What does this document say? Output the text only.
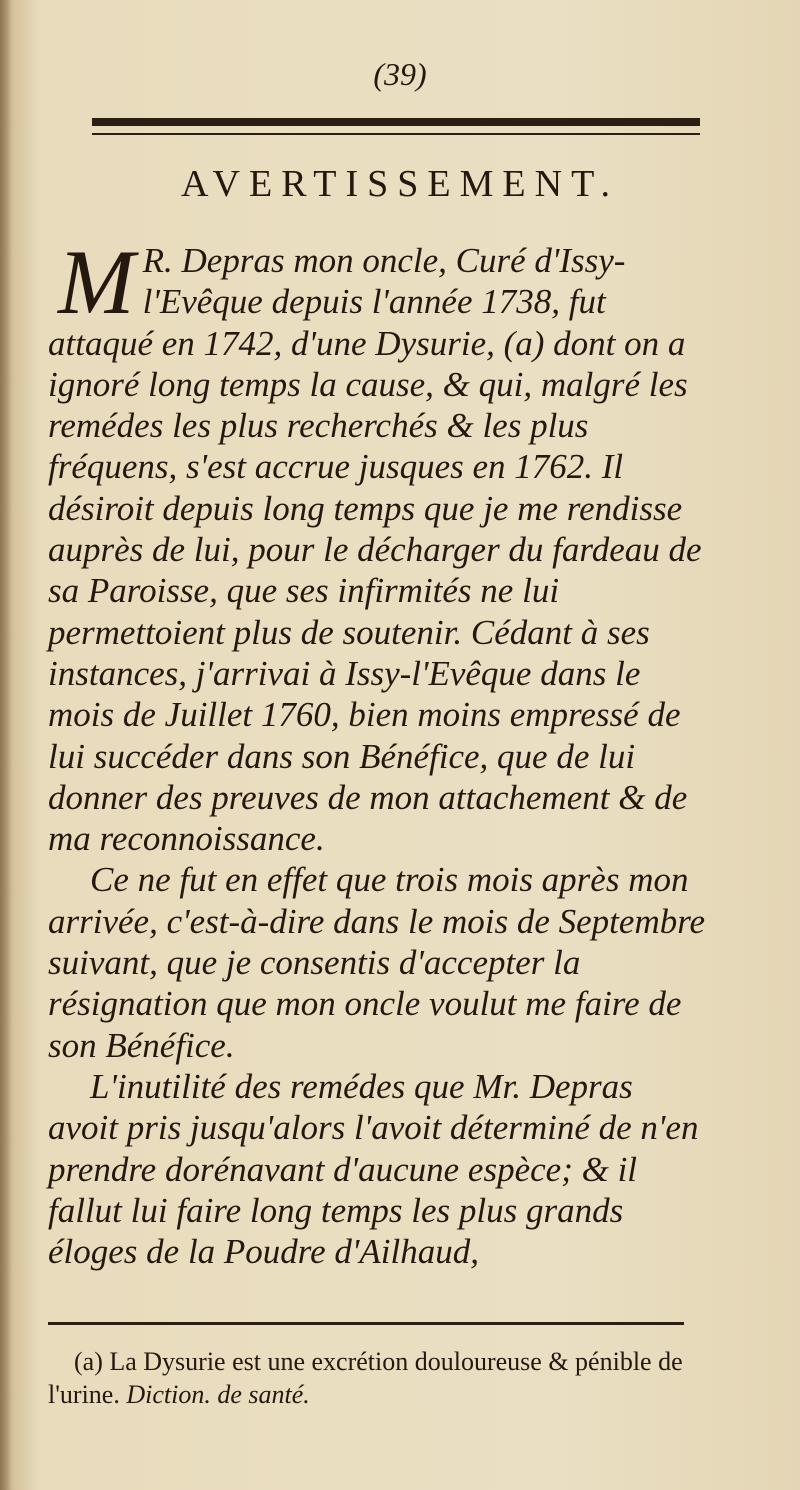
(39)
AVERTISSEMENT.

M R. Depras mon oncle, Curé d'Issy-l'Evêque depuis l'année 1738, fut attaqué en 1742, d'une Dysurie, (a) dont on a ignoré long temps la cause, & qui, malgré les remédes les plus recherchés & les plus fréquens, s'est accrue jusques en 1762. Il désiroit depuis long temps que je me rendisse auprès de lui, pour le décharger du fardeau de sa Paroisse, que ses infirmités ne lui permettoient plus de soutenir. Cédant à ses instances, j'arrivai à Issy-l'Evêque dans le mois de Juillet 1760, bien moins empressé de lui succéder dans son Bénéfice, que de lui donner des preuves de mon attachement & de ma reconnoissance.

Ce ne fut en effet que trois mois après mon arrivée, c'est-à-dire dans le mois de Septembre suivant, que je consentis d'accepter la résignation que mon oncle voulut me faire de son Bénéfice.

L'inutilité des remédes que Mr. Depras avoit pris jusqu'alors l'avoit déterminé de n'en prendre dorénavant d'aucune espèce; & il fallut lui faire long temps les plus grands éloges de la Poudre d'Ailhaud,

(a) La Dysurie est une excrétion douloureuse & pénible de l'urine. Diction. de santé.
